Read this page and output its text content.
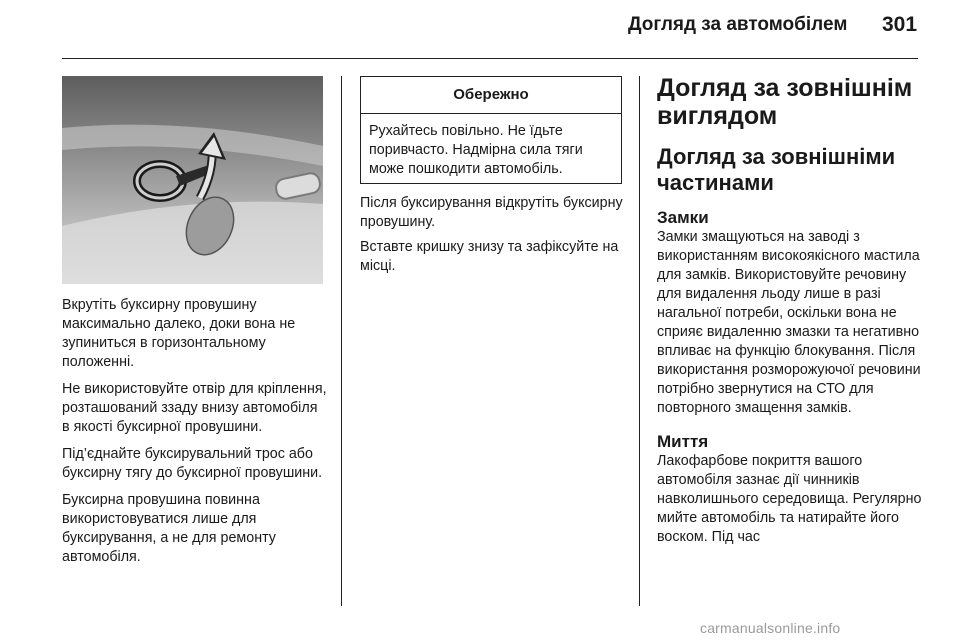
Догляд за автомобілем 301

Вкрутіть буксирну провушину максимально далеко, доки вона не зупиниться в горизонтальному положенні.

Не використовуйте отвір для кріплення, розташований ззаду внизу автомобіля в якості буксирної провушини.

Під’єднайте буксирувальний трос або буксирну тягу до буксирної провушини.

Буксирна провушина повинна використовуватися лише для буксирування, а не для ремонту автомобіля.

Обережно
Рухайтесь повільно. Не їдьте поривчасто. Надмірна сила тяги може пошкодити автомобіль.

Після буксирування відкрутіть буксирну провушину.

Вставте кришку знизу та зафіксуйте на місці.

Догляд за зовнішнім виглядом
Догляд за зовнішніми частинами
Замки

Замки змащуються на заводі з використанням високоякісного мастила для замків. Використовуйте речовину для видалення льоду лише в разі нагальної потреби, оскільки вона не сприяє видаленню змазки та негативно впливає на функцію блокування. Після використання розморожуючої речовини потрібно звернутися на СТО для повторного змащення замків.

Миття

Лакофарбове покриття вашого автомобіля зазнає дії чинників навколишнього середовища. Регулярно мийте автомобіль та натирайте його воском. Під час

carmanualsonline.info
